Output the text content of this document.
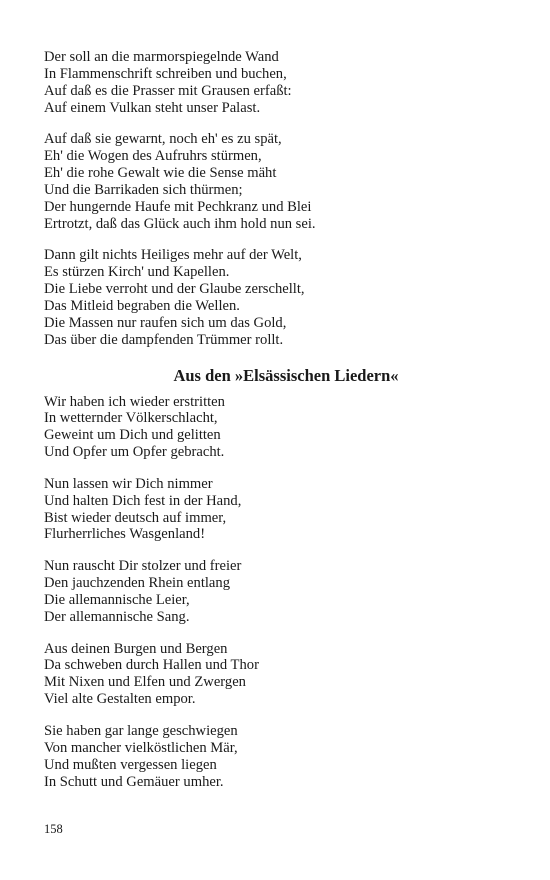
Der soll an die marmorspiegelnde Wand
In Flammenschrift schreiben und buchen,
Auf daß es die Prasser mit Grausen erfaßt:
Auf einem Vulkan steht unser Palast.
Auf daß sie gewarnt, noch eh' es zu spät,
Eh' die Wogen des Aufruhrs stürmen,
Eh' die rohe Gewalt wie die Sense mäht
Und die Barrikaden sich thürmen;
Der hungernde Haufe mit Pechkranz und Blei
Ertrotzt, daß das Glück auch ihm hold nun sei.
Dann gilt nichts Heiliges mehr auf der Welt,
Es stürzen Kirch' und Kapellen.
Die Liebe verroht und der Glaube zerschellt,
Das Mitleid begraben die Wellen.
Die Massen nur raufen sich um das Gold,
Das über die dampfenden Trümmer rollt.
Aus den »Elsässischen Liedern«
Wir haben ich wieder erstritten
In wetternder Völkerschlacht,
Geweint um Dich und gelitten
Und Opfer um Opfer gebracht.
Nun lassen wir Dich nimmer
Und halten Dich fest in der Hand,
Bist wieder deutsch auf immer,
Flurherrliches Wasgenland!
Nun rauscht Dir stolzer und freier
Den jauchzenden Rhein entlang
Die allemannische Leier,
Der allemannische Sang.
Aus deinen Burgen und Bergen
Da schweben durch Hallen und Thor
Mit Nixen und Elfen und Zwergen
Viel alte Gestalten empor.
Sie haben gar lange geschwiegen
Von mancher vielköstlichen Mär,
Und mußten vergessen liegen
In Schutt und Gemäuer umher.
158
